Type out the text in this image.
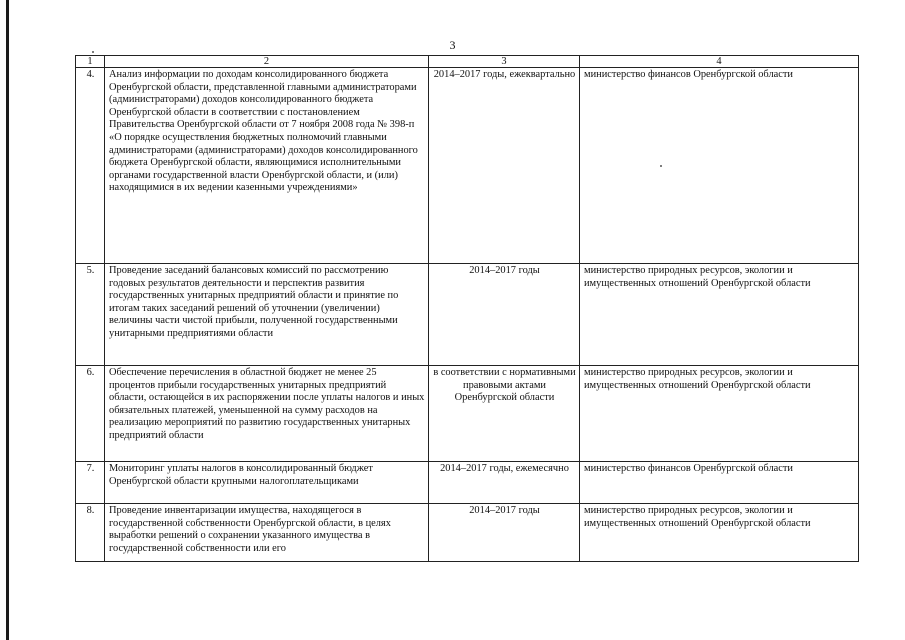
3
1	2	3	4
4.	Анализ информации по доходам консолидированного бюджета Оренбургской области, представленной главными администраторами (администраторами) доходов консолидированного бюджета Оренбургской области в соответствии с постановлением Правительства Оренбургской области от 7 ноября 2008 года № 398-п «О порядке осуществления бюджетных полномочий главными администраторами (администраторами) доходов консолидированного бюджета Оренбургской области, являющимися исполнительными органами государственной власти Оренбургской области, и (или) находящимися в их ведении казенными учреждениями»	2014–2017 годы, ежеквартально	министерство финансов Оренбургской области
5.	Проведение заседаний балансовых комиссий по рассмотрению годовых результатов деятельности и перспектив развития государственных унитарных предприятий области и принятие по итогам таких заседаний решений об уточнении (увеличении) величины части чистой прибыли, полученной государственными унитарными предприятиями области	2014–2017 годы	министерство природных ресурсов, экологии и имущественных отношений Оренбургской области
6.	Обеспечение перечисления в областной бюджет не менее 25 процентов прибыли государственных унитарных предприятий области, остающейся в их распоряжении после уплаты налогов и иных обязательных платежей, уменьшенной на сумму расходов на реализацию мероприятий по развитию государственных унитарных предприятий области	в соответствии с нормативными правовыми актами Оренбургской области	министерство природных ресурсов, экологии и имущественных отношений Оренбургской области
7.	Мониторинг уплаты налогов в консолидированный бюджет Оренбургской области крупными налогоплательщиками	2014–2017 годы, ежемесячно	министерство финансов Оренбургской области
8.	Проведение инвентаризации имущества, находящегося в государственной собственности Оренбургской области, в целях выработки решений о сохранении указанного имущества в государственной собственности или его	2014–2017 годы	министерство природных ресурсов, экологии и имущественных отношений Оренбургской области
